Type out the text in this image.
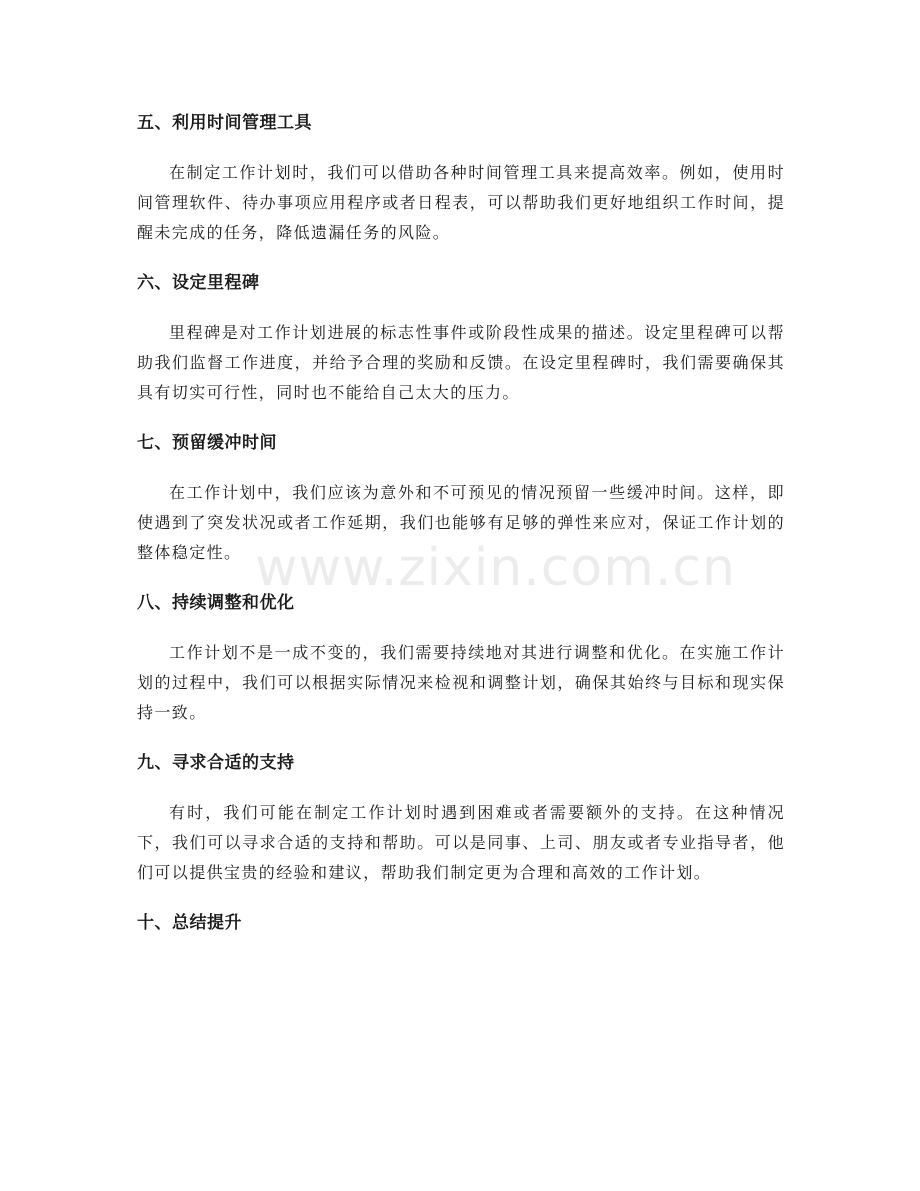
五、利用时间管理工具

在制定工作计划时，我们可以借助各种时间管理工具来提高效率。例如，使用时间管理软件、待办事项应用程序或者日程表，可以帮助我们更好地组织工作时间，提醒未完成的任务，降低遗漏任务的风险。

六、设定里程碑

里程碑是对工作计划进展的标志性事件或阶段性成果的描述。设定里程碑可以帮助我们监督工作进度，并给予合理的奖励和反馈。在设定里程碑时，我们需要确保其具有切实可行性，同时也不能给自己太大的压力。

七、预留缓冲时间

在工作计划中，我们应该为意外和不可预见的情况预留一些缓冲时间。这样，即使遇到了突发状况或者工作延期，我们也能够有足够的弹性来应对，保证工作计划的整体稳定性。

八、持续调整和优化

工作计划不是一成不变的，我们需要持续地对其进行调整和优化。在实施工作计划的过程中，我们可以根据实际情况来检视和调整计划，确保其始终与目标和现实保持一致。

九、寻求合适的支持

有时，我们可能在制定工作计划时遇到困难或者需要额外的支持。在这种情况下，我们可以寻求合适的支持和帮助。可以是同事、上司、朋友或者专业指导者，他们可以提供宝贵的经验和建议，帮助我们制定更为合理和高效的工作计划。

十、总结提升
www.zixin.com.cn
